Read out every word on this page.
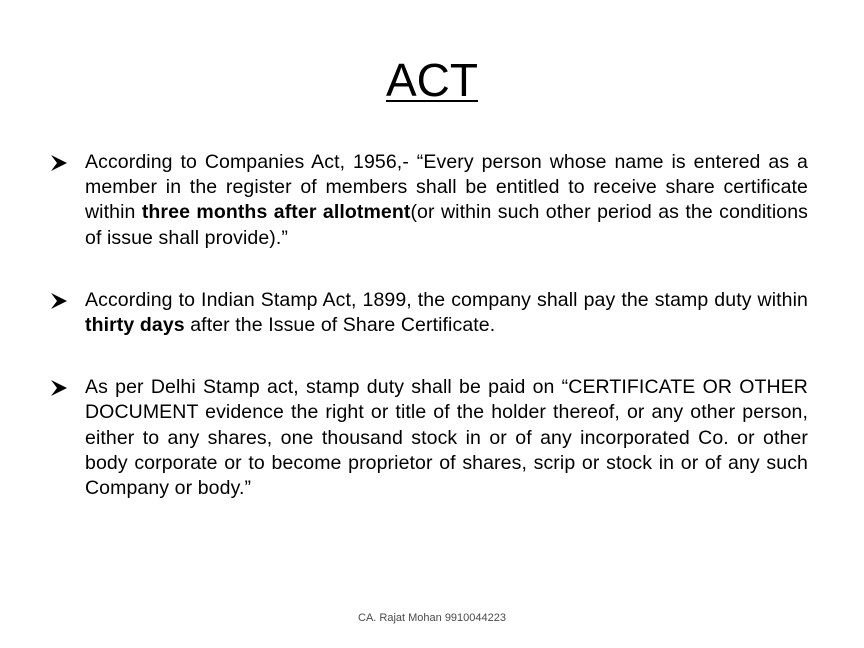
ACT
According to Companies Act, 1956,- “Every person whose name is entered as a member in the register of members shall be entitled to receive share certificate within three months after allotment(or within such other period as the conditions of issue shall provide).”
According to Indian Stamp Act, 1899, the company shall pay the stamp duty within thirty days after the Issue of Share Certificate.
As per Delhi Stamp act, stamp duty shall be paid on “CERTIFICATE OR OTHER DOCUMENT evidence the right or title of the holder thereof, or any other person, either to any shares, one thousand stock in or of any incorporated Co. or other body corporate or to become proprietor of shares, scrip or stock in or of any such Company or body.”
CA. Rajat Mohan 9910044223
